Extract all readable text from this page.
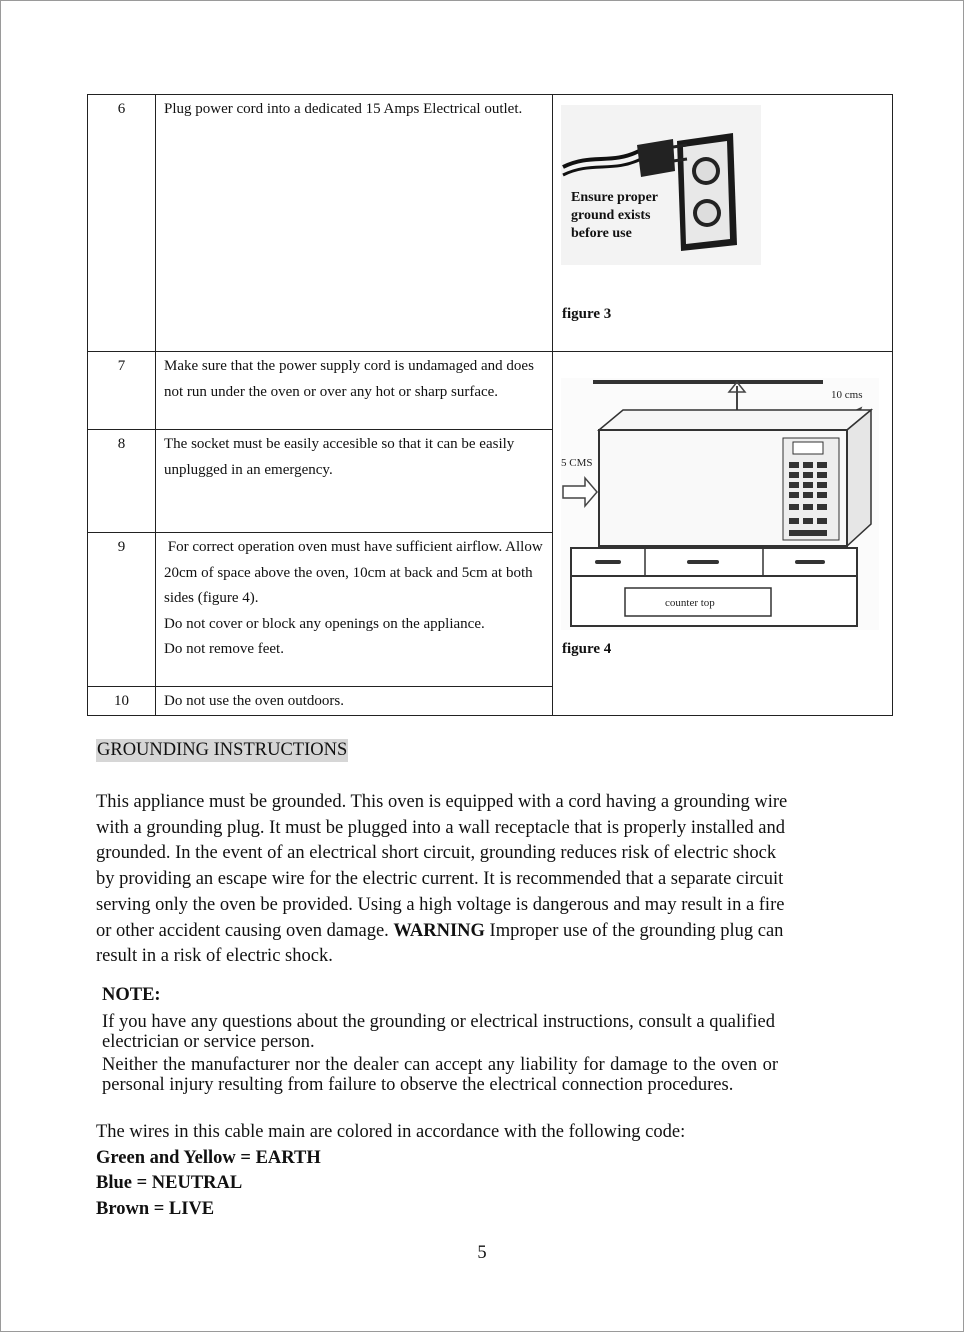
6	Plug power cord into a dedicated 15 Amps Electrical outlet.	Ensure proper
ground exists
before use
figure 3

7	Make sure that the power supply cord is undamaged and does not run under the oven or over any hot or sharp surface.	10 cms
5 CMS
counter top
figure 4

8	The socket must be easily accesible so that it can be easily unplugged in an emergency.	

9	For correct operation oven must have sufficient airflow. Allow 20cm of space above the oven, 10cm at back and 5cm at both sides (figure 4).
Do not cover or block any openings on the appliance.
Do not remove feet.	

10	Do not use the oven outdoors.	
GROUNDING INSTRUCTIONS
This appliance must be grounded. This oven is equipped with a cord having a grounding wire with a grounding plug. It must be plugged into a wall receptacle that is properly installed and grounded. In the event of an electrical short circuit, grounding reduces risk of electric shock by providing an escape wire for the electric current. It is recommended that a separate circuit serving only the oven be provided. Using a high voltage is dangerous and may result in a fire or other accident causing oven damage. WARNING Improper use of the grounding plug can result in a risk of electric shock.
NOTE:
If you have any questions about the grounding or electrical instructions, consult a qualified electrician or service person.
Neither the manufacturer nor the dealer can accept any liability for damage to the oven or personal injury resulting from failure to observe the electrical connection procedures.
The wires in this cable main are colored in accordance with the following code:
Green and Yellow = EARTH
Blue = NEUTRAL
Brown = LIVE
5
